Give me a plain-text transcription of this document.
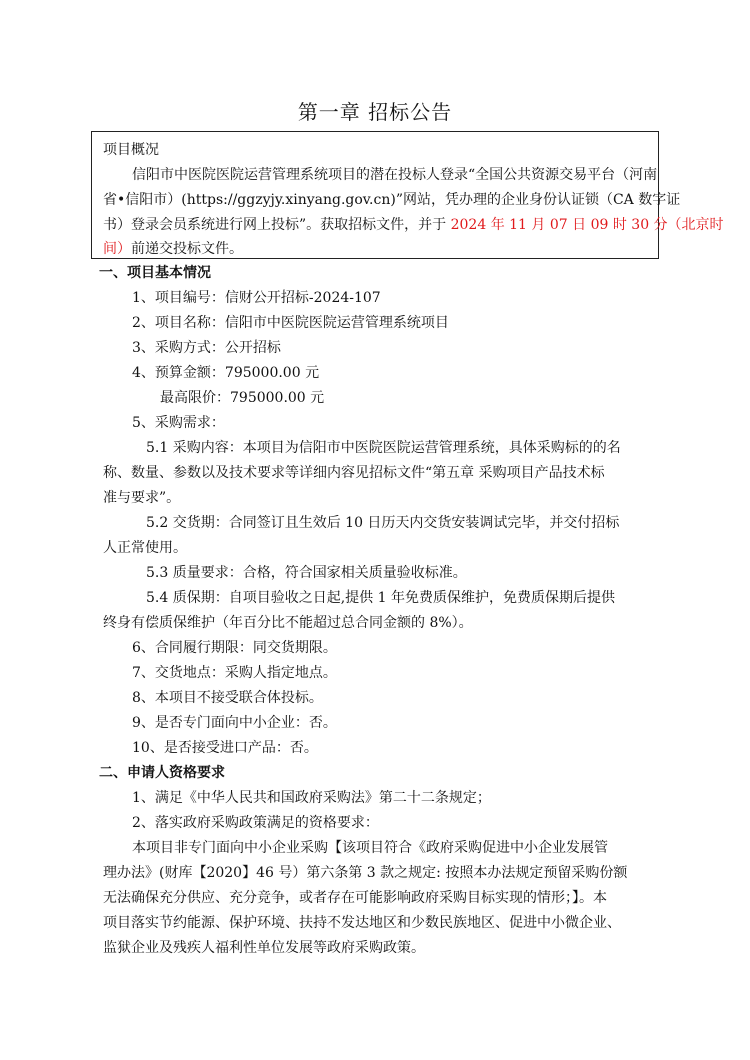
第一章 招标公告
项目概况
信阳市中医院医院运营管理系统项目的潜在投标人登录“全国公共资源交易平台（河南
省•信阳市）(https://ggzyjy.xinyang.gov.cn)”网站，凭办理的企业身份认证锁（CA 数字证
书）登录会员系统进行网上投标”。获取招标文件，并于 2024 年 11 月 07 日 09 时 30 分（北京时
间）前递交投标文件。
一、项目基本情况
1、项目编号：信财公开招标-2024-107
2、项目名称：信阳市中医院医院运营管理系统项目
3、采购方式：公开招标
4、预算金额：795000.00 元
最高限价：795000.00 元
5、采购需求：
5.1 采购内容：本项目为信阳市中医院医院运营管理系统，具体采购标的的名
称、数量、参数以及技术要求等详细内容见招标文件“第五章 采购项目产品技术标
准与要求”。
5.2 交货期：合同签订且生效后 10 日历天内交货安装调试完毕，并交付招标
人正常使用。
5.3 质量要求：合格，符合国家相关质量验收标准。
5.4 质保期：自项目验收之日起,提供 1 年免费质保维护，免费质保期后提供
终身有偿质保维护（年百分比不能超过总合同金额的 8%）。
6、合同履行期限：同交货期限。
7、交货地点：采购人指定地点。
8、本项目不接受联合体投标。
9、是否专门面向中小企业：否。
10、是否接受进口产品：否。
二、申请人资格要求
1、满足《中华人民共和国政府采购法》第二十二条规定；
2、落实政府采购政策满足的资格要求：
本项目非专门面向中小企业采购【该项目符合《政府采购促进中小企业发展管
理办法》(财库【2020】46 号）第六条第 3 款之规定: 按照本办法规定预留采购份额
无法确保充分供应、充分竞争，或者存在可能影响政府采购目标实现的情形；】。本
项目落实节约能源、保护环境、扶持不发达地区和少数民族地区、促进中小微企业、
监狱企业及残疾人福利性单位发展等政府采购政策。
